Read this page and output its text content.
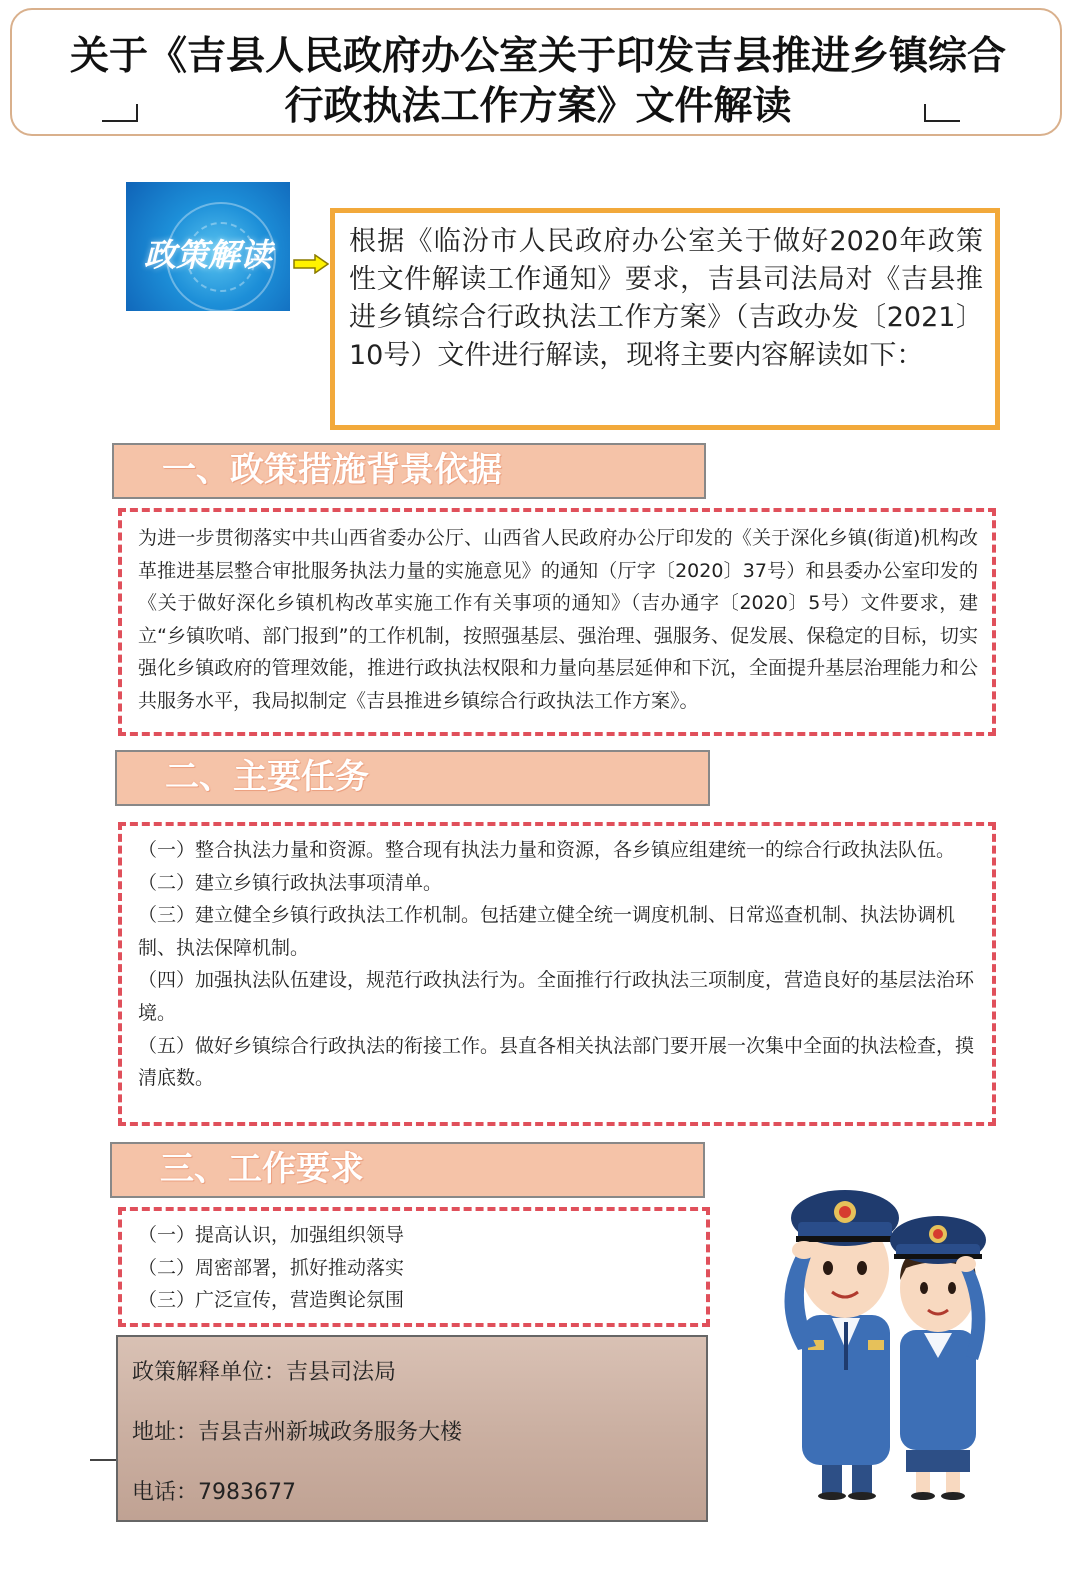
关于《吉县人民政府办公室关于印发吉县推进乡镇综合
行政执法工作方案》文件解读
政策解读	根据《临汾市人民政府办公室关于做好2020年政策性文件解读工作通知》要求，吉县司法局对《吉县推进乡镇综合行政执法工作方案》（吉政办发〔2021〕10号）文件进行解读，现将主要内容解读如下：
一、政策措施背景依据
为进一步贯彻落实中共山西省委办公厅、山西省人民政府办公厅印发的《关于深化乡镇(街道)机构改革推进基层整合审批服务执法力量的实施意见》的通知（厅字〔2020〕37号）和县委办公室印发的《关于做好深化乡镇机构改革实施工作有关事项的通知》（吉办通字〔2020〕5号）文件要求，建立“乡镇吹哨、部门报到”的工作机制，按照强基层、强治理、强服务、促发展、保稳定的目标，切实强化乡镇政府的管理效能，推进行政执法权限和力量向基层延伸和下沉，全面提升基层治理能力和公共服务水平，我局拟制定《吉县推进乡镇综合行政执法工作方案》。
二、主要任务
（一）整合执法力量和资源。整合现有执法力量和资源，各乡镇应组建统一的综合行政执法队伍。
（二）建立乡镇行政执法事项清单。
（三）建立健全乡镇行政执法工作机制。包括建立健全统一调度机制、日常巡查机制、执法协调机制、执法保障机制。
（四）加强执法队伍建设，规范行政执法行为。全面推行行政执法三项制度，营造良好的基层法治环境。
（五）做好乡镇综合行政执法的衔接工作。县直各相关执法部门要开展一次集中全面的执法检查，摸清底数。
三、工作要求
（一）提高认识，加强组织领导
（二）周密部署，抓好推动落实
（三）广泛宣传，营造舆论氛围
政策解释单位：吉县司法局
地址：吉县吉州新城政务服务大楼
电话：7983677
